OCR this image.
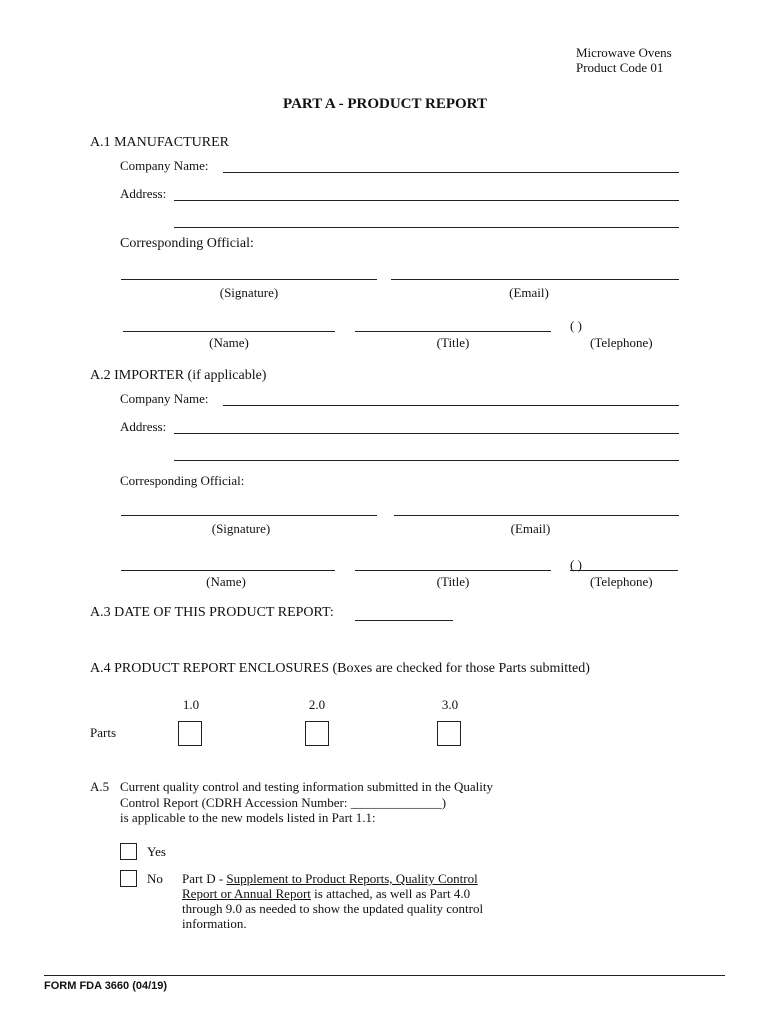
Microwave Ovens
Product Code 01
PART A - PRODUCT REPORT
A.1 MANUFACTURER
Company Name:
Address:
Corresponding Official:
(Signature)	(Email)
( )
(Name)	(Title)	(Telephone)
A.2 IMPORTER (if applicable)
Company Name:
Address:
Corresponding Official:
(Signature)	(Email)
( )
(Name)	(Title)	(Telephone)
A.3 DATE OF THIS PRODUCT REPORT:
A.4 PRODUCT REPORT ENCLOSURES (Boxes are checked for those Parts submitted)
1.0	2.0	3.0
Parts
A.5 Current quality control and testing information submitted in the Quality
Control Report (CDRH Accession Number: ______________)
is applicable to the new models listed in Part 1.1:
Yes
No Part D - Supplement to Product Reports, Quality Control
Report or Annual Report is attached, as well as Part 4.0
through 9.0 as needed to show the updated quality control
information.
FORM FDA 3660 (04/19)
